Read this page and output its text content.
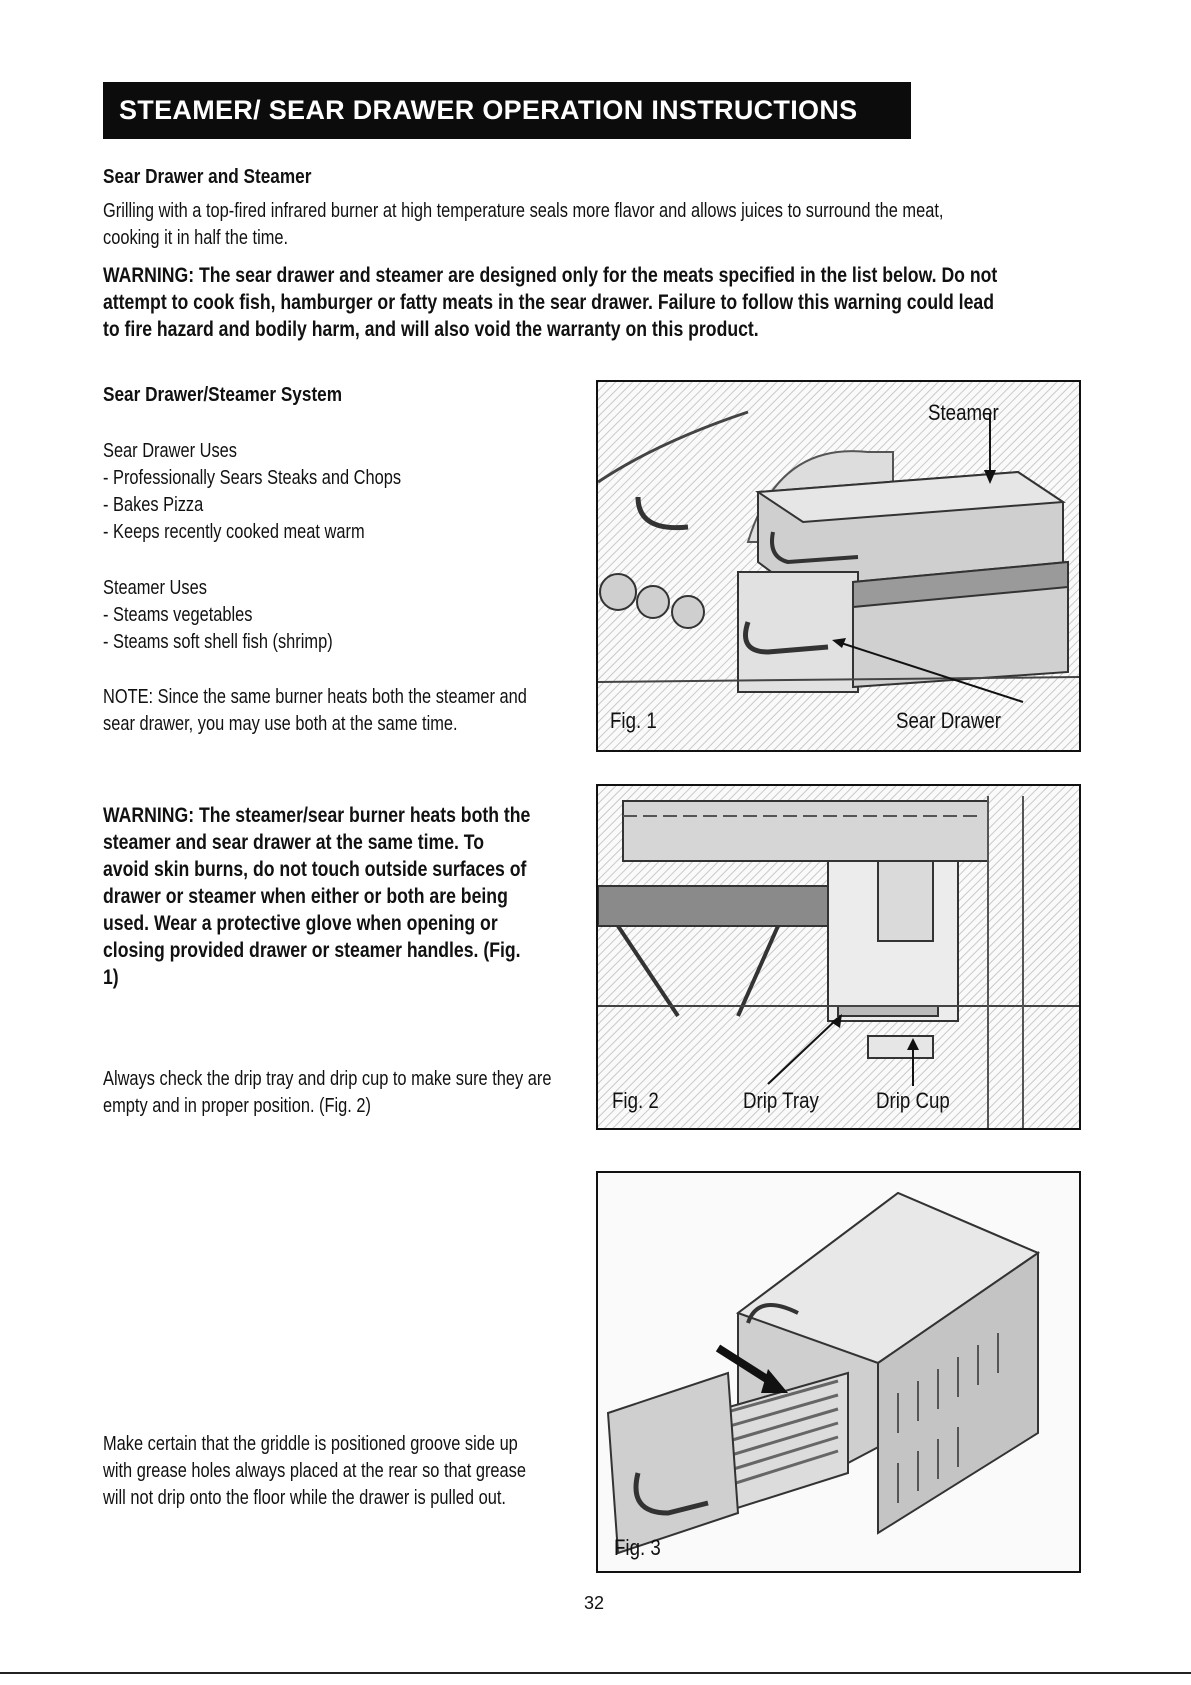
STEAMER/ SEAR DRAWER OPERATION INSTRUCTIONS
Sear Drawer and Steamer
Grilling with a top-fired infrared burner at high temperature seals more flavor and allows juices to surround the meat, cooking it in half the time.
WARNING: The sear drawer and steamer are designed only for the meats specified in the list below. Do not attempt to cook fish, hamburger or fatty meats in the sear drawer. Failure to follow this warning could lead to fire hazard and bodily harm, and will also void the warranty on this product.
Sear Drawer/Steamer System
Sear Drawer Uses
- Professionally Sears Steaks and Chops
- Bakes Pizza
- Keeps recently cooked meat warm
Steamer Uses
- Steams vegetables
- Steams soft shell fish (shrimp)
NOTE: Since the same burner heats both the steamer and sear drawer, you may use both at the same time.
WARNING: The steamer/sear burner heats both the steamer and sear drawer at the same time. To avoid skin burns, do not touch outside surfaces of drawer or steamer when either or both are being used. Wear a protective glove when opening or closing provided drawer or steamer handles. (Fig. 1)
Always check the drip tray and drip cup to make sure they are empty and in proper position. (Fig. 2)
Make certain that the griddle is positioned groove side up with grease holes always placed at the rear so that grease will not drip onto the floor while the drawer is pulled out.
Steamer
Sear Drawer
Fig. 1
Fig. 2	Drip Tray	Drip Cup
Fig. 3
32
